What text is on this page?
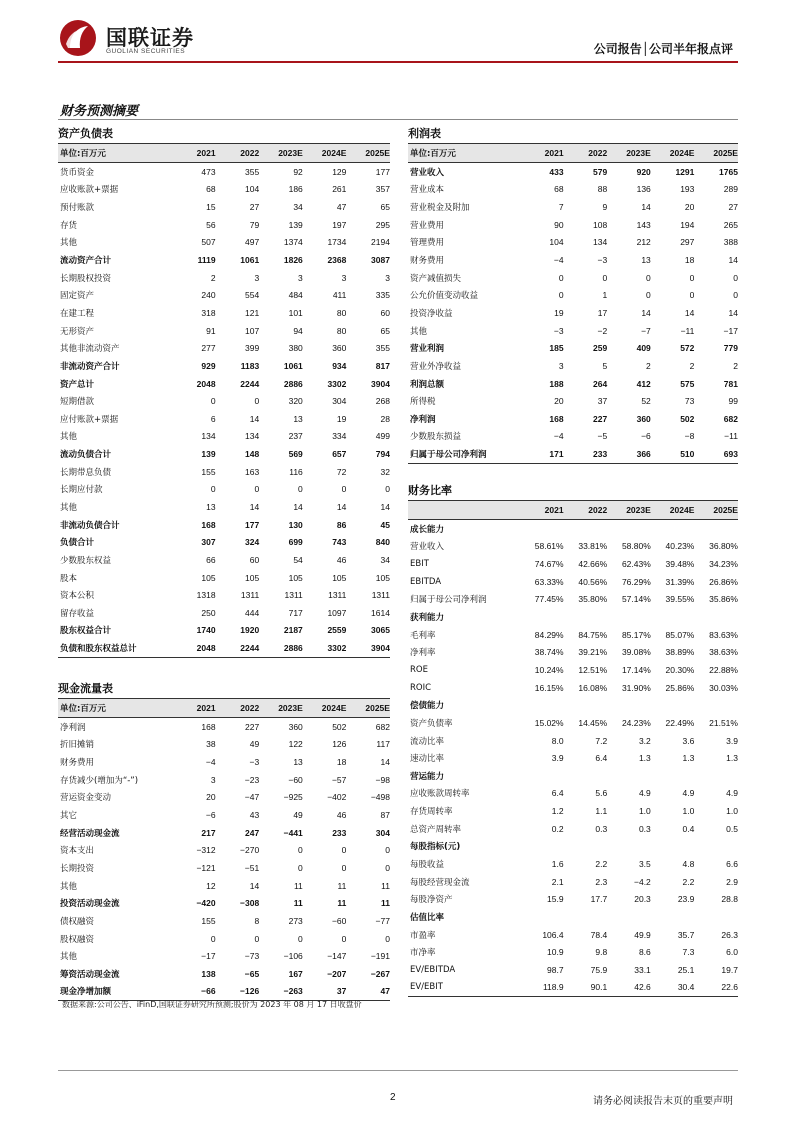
国联证券
GUOLIAN SECURITIES	公司报告│公司半年报点评
财务预测摘要
资产负债表
单位:百万元	2021	2022	2023E	2024E	2025E
货币资金	473	355	92	129	177
应收账款+票据	68	104	186	261	357
预付账款	15	27	34	47	65
存货	56	79	139	197	295
其他	507	497	1374	1734	2194
流动资产合计	1119	1061	1826	2368	3087
长期股权投资	2	3	3	3	3
固定资产	240	554	484	411	335
在建工程	318	121	101	80	60
无形资产	91	107	94	80	65
其他非流动资产	277	399	380	360	355
非流动资产合计	929	1183	1061	934	817
资产总计	2048	2244	2886	3302	3904
短期借款	0	0	320	304	268
应付账款+票据	6	14	13	19	28
其他	134	134	237	334	499
流动负债合计	139	148	569	657	794
长期带息负债	155	163	116	72	32
长期应付款	0	0	0	0	0
其他	13	14	14	14	14
非流动负债合计	168	177	130	86	45
负债合计	307	324	699	743	840
少数股东权益	66	60	54	46	34
股本	105	105	105	105	105
资本公积	1318	1311	1311	1311	1311
留存收益	250	444	717	1097	1614
股东权益合计	1740	1920	2187	2559	3065
负债和股东权益总计	2048	2244	2886	3302	3904
利润表
单位:百万元	2021	2022	2023E	2024E	2025E
营业收入	433	579	920	1291	1765
营业成本	68	88	136	193	289
营业税金及附加	7	9	14	20	27
营业费用	90	108	143	194	265
管理费用	104	134	212	297	388
财务费用	−4	−3	13	18	14
资产减值损失	0	0	0	0	0
公允价值变动收益	0	1	0	0	0
投资净收益	19	17	14	14	14
其他	−3	−2	−7	−11	−17
营业利润	185	259	409	572	779
营业外净收益	3	5	2	2	2
利润总额	188	264	412	575	781
所得税	20	37	52	73	99
净利润	168	227	360	502	682
少数股东损益	−4	−5	−6	−8	−11
归属于母公司净利润	171	233	366	510	693
财务比率
2021	2022	2023E	2024E	2025E
成长能力
营业收入	58.61%	33.81%	58.80%	40.23%	36.80%
EBIT	74.67%	42.66%	62.43%	39.48%	34.23%
EBITDA	63.33%	40.56%	76.29%	31.39%	26.86%
归属于母公司净利润	77.45%	35.80%	57.14%	39.55%	35.86%
获利能力
毛利率	84.29%	84.75%	85.17%	85.07%	83.63%
净利率	38.74%	39.21%	39.08%	38.89%	38.63%
ROE	10.24%	12.51%	17.14%	20.30%	22.88%
ROIC	16.15%	16.08%	31.90%	25.86%	30.03%
偿债能力
资产负债率	15.02%	14.45%	24.23%	22.49%	21.51%
流动比率	8.0	7.2	3.2	3.6	3.9
速动比率	3.9	6.4	1.3	1.3	1.3
营运能力
应收账款周转率	6.4	5.6	4.9	4.9	4.9
存货周转率	1.2	1.1	1.0	1.0	1.0
总资产周转率	0.2	0.3	0.3	0.4	0.5
每股指标(元)
每股收益	1.6	2.2	3.5	4.8	6.6
每股经营现金流	2.1	2.3	−4.2	2.2	2.9
每股净资产	15.9	17.7	20.3	23.9	28.8
估值比率
市盈率	106.4	78.4	49.9	35.7	26.3
市净率	10.9	9.8	8.6	7.3	6.0
EV/EBITDA	98.7	75.9	33.1	25.1	19.7
EV/EBIT	118.9	90.1	42.6	30.4	22.6
现金流量表
单位:百万元	2021	2022	2023E	2024E	2025E
净利润	168	227	360	502	682
折旧摊销	38	49	122	126	117
财务费用	−4	−3	13	18	14
存货减少(增加为“-”)	3	−23	−60	−57	−98
营运资金变动	20	−47	−925	−402	−498
其它	−6	43	49	46	87
经营活动现金流	217	247	−441	233	304
资本支出	−312	−270	0	0	0
长期投资	−121	−51	0	0	0
其他	12	14	11	11	11
投资活动现金流	−420	−308	11	11	11
债权融资	155	8	273	−60	−77
股权融资	0	0	0	0	0
其他	−17	−73	−106	−147	−191
筹资活动现金流	138	−65	167	−207	−267
现金净增加额	−66	−126	−263	37	47
数据来源:公司公告、iFinD,国联证券研究所预测;股价为 2023 年 08 月 17 日收盘价
2	请务必阅读报告末页的重要声明
